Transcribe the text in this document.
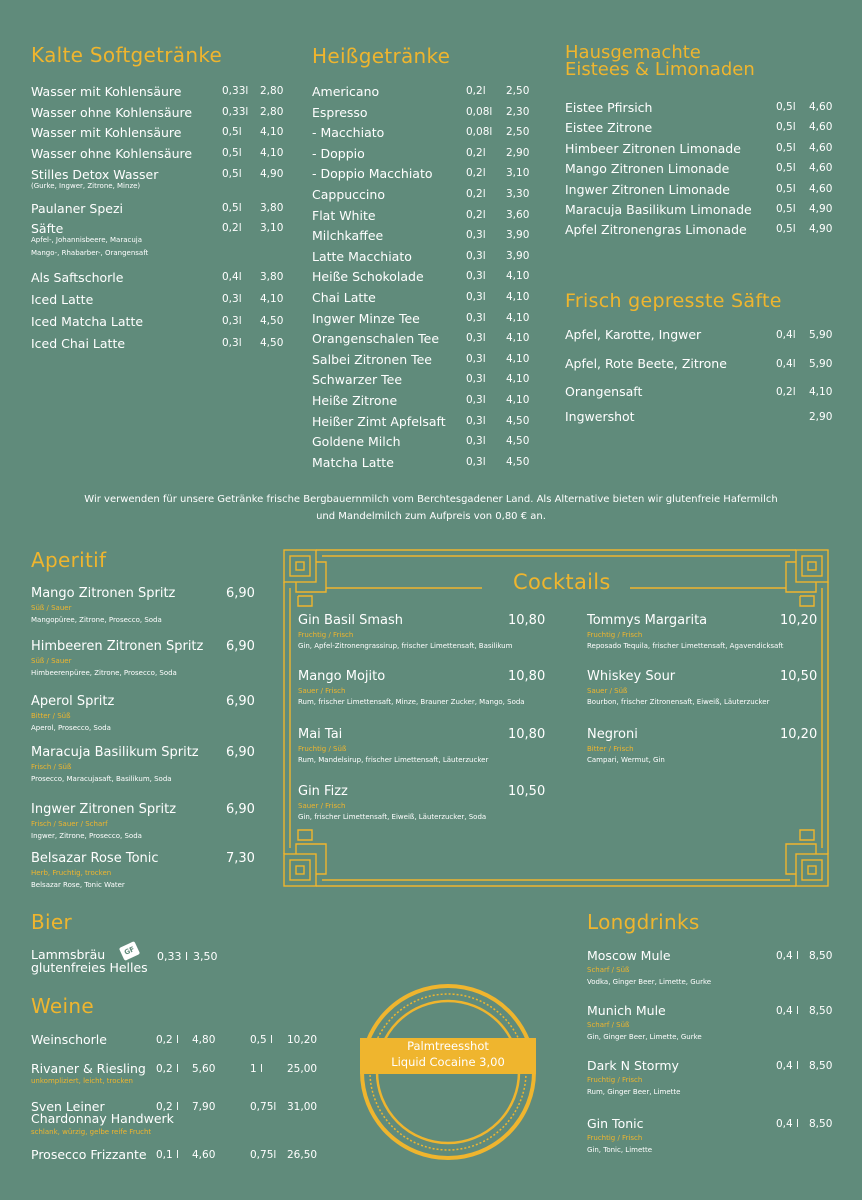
Kalte Softgetränke
Wasser mit Kohlensäure	0,33l 2,80
Wasser ohne Kohlensäure	0,33l 2,80
Wasser mit Kohlensäure	0,5l 4,10
Wasser ohne Kohlensäure	0,5l 4,10
Stilles Detox Wasser	0,5l 4,90
(Gurke, Ingwer, Zitrone, Minze)
Paulaner Spezi	0,5l 3,80
Säfte	0,2l 3,10
Apfel-, Johannisbeere, Maracuja
Mango-, Rhabarber-, Orangensaft
Als Saftschorle	0,4l 3,80
Iced Latte	0,3l 4,10
Iced Matcha Latte	0,3l 4,50
Iced Chai Latte	0,3l 4,50
Heißgetränke
Americano	0,2l 2,50
Espresso	0,08l 2,30
- Macchiato	0,08l 2,50
- Doppio	0,2l 2,90
- Doppio Macchiato	0,2l 3,10
Cappuccino	0,2l 3,30
Flat White	0,2l 3,60
Milchkaffee	0,3l 3,90
Latte Macchiato	0,3l 3,90
Heiße Schokolade	0,3l 4,10
Chai Latte	0,3l 4,10
Ingwer Minze Tee	0,3l 4,10
Orangenschalen Tee	0,3l 4,10
Salbei Zitronen Tee	0,3l 4,10
Schwarzer Tee	0,3l 4,10
Heiße Zitrone	0,3l 4,10
Heißer Zimt Apfelsaft 0,3l 4,50
Goldene Milch	0,3l 4,50
Matcha Latte	0,3l 4,50
Hausgemachte
Eistees & Limonaden
Eistee Pfirsich	0,5l 4,60
Eistee Zitrone	0,5l 4,60
Himbeer Zitronen Limonade	0,5l 4,60
Mango Zitronen Limonade	0,5l 4,60
Ingwer Zitronen Limonade	0,5l 4,60
Maracuja Basilikum Limonade 0,5l 4,90
Apfel Zitronengras Limonade	0,5l 4,90
Frisch gepresste Säfte
Apfel, Karotte, Ingwer	0,4l 5,90
Apfel, Rote Beete, Zitrone	0,4l 5,90
Orangensaft	0,2l 4,10
Ingwershot	2,90
Wir verwenden für unsere Getränke frische Bergbauernmilch vom Berchtesgadener Land. Als Alternative bieten wir glutenfreie Hafermilch
und Mandelmilch zum Aufpreis von 0,80 € an.
Aperitif
Mango Zitronen Spritz	6,90
Süß / Sauer
Mangopüree, Zitrone, Prosecco, Soda
Himbeeren Zitronen Spritz 6,90
Süß / Sauer
Himbeerenpüree, Zitrone, Prosecco, Soda
Aperol Spritz	6,90
Bitter / Süß
Aperol, Prosecco, Soda
Maracuja Basilikum Spritz 6,90
Frisch / Süß
Prosecco, Maracujasaft, Basilikum, Soda
Ingwer Zitronen Spritz	6,90
Frisch / Sauer / Scharf
Ingwer, Zitrone, Prosecco, Soda
Belsazar Rose Tonic	7,30
Herb, Fruchtig, trocken
Belsazar Rose, Tonic Water
Cocktails
Gin Basil Smash	10,80
Fruchtig / Frisch
Gin, Apfel-Zitronengrassirup, frischer Limettensaft, Basilikum
Mango Mojito	10,80
Sauer / Frisch
Rum, frischer Limettensaft, Minze, Brauner Zucker, Mango, Soda
Mai Tai	10,80
Fruchtig / Süß
Rum, Mandelsirup, frischer Limettensaft, Läuterzucker
Gin Fizz	10,50
Sauer / Frisch
Gin, frischer Limettensaft, Eiweiß, Läuterzucker, Soda
Tommys Margarita	10,20
Fruchtig / Frisch
Reposado Tequila, frischer Limettensaft, Agavendicksaft
Whiskey Sour	10,50
Sauer / Süß
Bourbon, frischer Zitronensaft, Eiweiß, Läuterzucker
Negroni	10,20
Bitter / Frisch
Campari, Wermut, Gin
Bier
Lammsbräu
glutenfreies Helles
GF	0,33 l 3,50
Weine
Weinschorle	0,2 l 4,80	0,5 l 10,20
Rivaner & Riesling 0,2 l 5,60	1 l 25,00
unkompliziert, leicht, trocken
Sven Leiner
Chardonnay Handwerk
0,2 l 7,90	0,75l 31,00
schlank, würzig, gelbe reife Frucht
Prosecco Frizzante 0,1 l 4,60	0,75l 26,50
Palmtreesshot
Liquid Cocaine 3,00
Longdrinks
Moscow Mule	0,4 l 8,50
Scharf / Süß
Vodka, Ginger Beer, Limette, Gurke
Munich Mule	0,4 l 8,50
Scharf / Süß
Gin, Ginger Beer, Limette, Gurke
Dark N Stormy	0,4 l 8,50
Fruchtig / Frisch
Rum, Ginger Beer, Limette
Gin Tonic	0,4 l 8,50
Fruchtig / Frisch
Gin, Tonic, Limette
